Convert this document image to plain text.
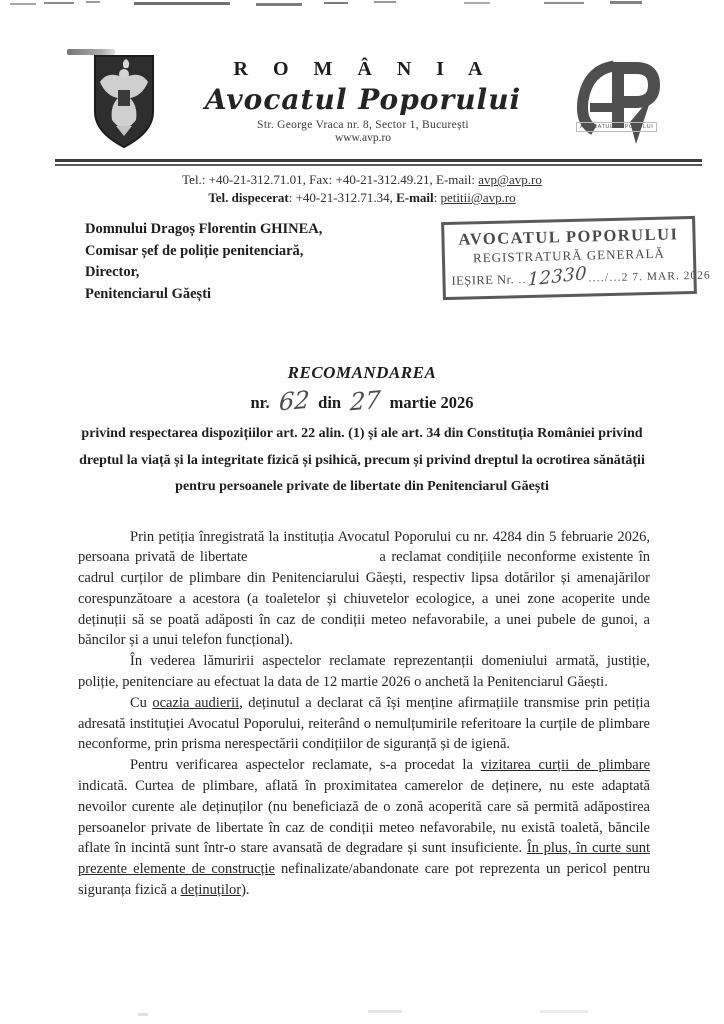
R O M Â N I A
Avocatul Poporului
Str. George Vraca nr. 8, Sector 1, București
www.avp.ro
AVOCATUL POPORULUI
Tel.: +40-21-312.71.01, Fax: +40-21-312.49.21, E-mail: avp@avp.ro
Tel. dispecerat: +40-21-312.71.34, E-mail: petitii@avp.ro
Domnului Dragoș Florentin GHINEA,
Comisar șef de poliție penitenciară,
Director,
Penitenciarul Găești
AVOCATUL POPORULUI
REGISTRATURĂ GENERALĂ
IEȘIRE Nr. ..12330..../...2 7. MAR. 2026
RECOMANDAREA
nr. 62 din 27 martie 2026
privind respectarea dispozițiilor art. 22 alin. (1) și ale art. 34 din Constituția României privind dreptul la viață și la integritate fizică și psihică, precum și privind dreptul la ocrotirea sănătății pentru persoanele private de libertate din Penitenciarul Găești

Prin petiția înregistrată la instituția Avocatul Poporului cu nr. 4284 din 5 februarie 2026, persoana privată de libertate	a reclamat condițiile neconforme existente în cadrul curților de plimbare din Penitenciarului Găești, respectiv lipsa dotărilor și amenajărilor corespunzătoare a acestora (a toaletelor și chiuvetelor ecologice, a unei zone acoperite unde deținuții să se poată adăposti în caz de condiții meteo nefavorabile, a unei pubele de gunoi, a băncilor și a unui telefon funcțional).

În vederea lămuririi aspectelor reclamate reprezentanții domeniului armată, justiție, poliție, penitenciare au efectuat la data de 12 martie 2026 o anchetă la Penitenciarul Găești.

Cu ocazia audierii, deținutul a declarat că își menține afirmațiile transmise prin petiția adresată instituției Avocatul Poporului, reiterând o nemulțumirile referitoare la curțile de plimbare neconforme, prin prisma nerespectării condițiilor de siguranță și de igienă.

Pentru verificarea aspectelor reclamate, s-a procedat la vizitarea curții de plimbare indicată. Curtea de plimbare, aflată în proximitatea camerelor de deținere, nu este adaptată nevoilor curente ale deținuților (nu beneficiază de o zonă acoperită care să permită adăpostirea persoanelor private de libertate în caz de condiții meteo nefavorabile, nu există toaletă, băncile aflate în incintă sunt într-o stare avansată de degradare și sunt insuficiente. În plus, în curte sunt prezente elemente de construcție nefinalizate/abandonate care pot reprezenta un pericol pentru siguranța fizică a deținuților).
